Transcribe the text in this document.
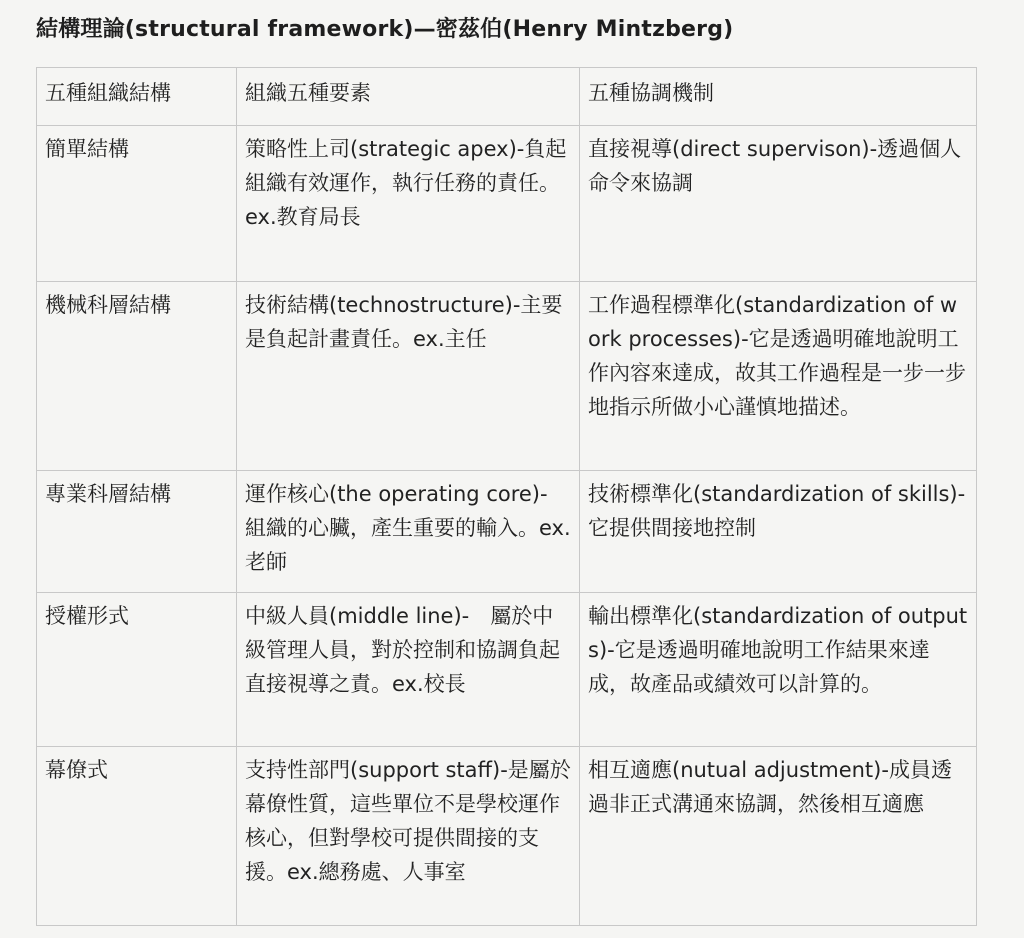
結構理論(structural framework)—密茲伯(Henry Mintzberg)
五種組織結構	組織五種要素	五種協調機制
簡單結構	策略性上司(strategic apex)-負起組織有效運作，執行任務的責任。ex.教育局長	直接視導(direct supervison)-透過個人命令來協調
機械科層結構	技術結構(technostructure)-主要是負起計畫責任。ex.主任	工作過程標準化(standardization of work processes)-它是透過明確地說明工作內容來達成，故其工作過程是一步一步地指示所做小心謹慎地描述。
專業科層結構	運作核心(the operating core)- 組織的心臟，產生重要的輸入。ex.老師	技術標準化(standardization of skills)-它提供間接地控制
授權形式	中級人員(middle line)-　屬於中級管理人員，對於控制和協調負起直接視導之責。ex.校長	輸出標準化(standardization of outputs)-它是透過明確地說明工作結果來達成，故產品或績效可以計算的。
幕僚式	支持性部門(support staff)-是屬於幕僚性質，這些單位不是學校運作核心，但對學校可提供間接的支援。ex.總務處、人事室	相互適應(nutual adjustment)-成員透過非正式溝通來協調，然後相互適應
